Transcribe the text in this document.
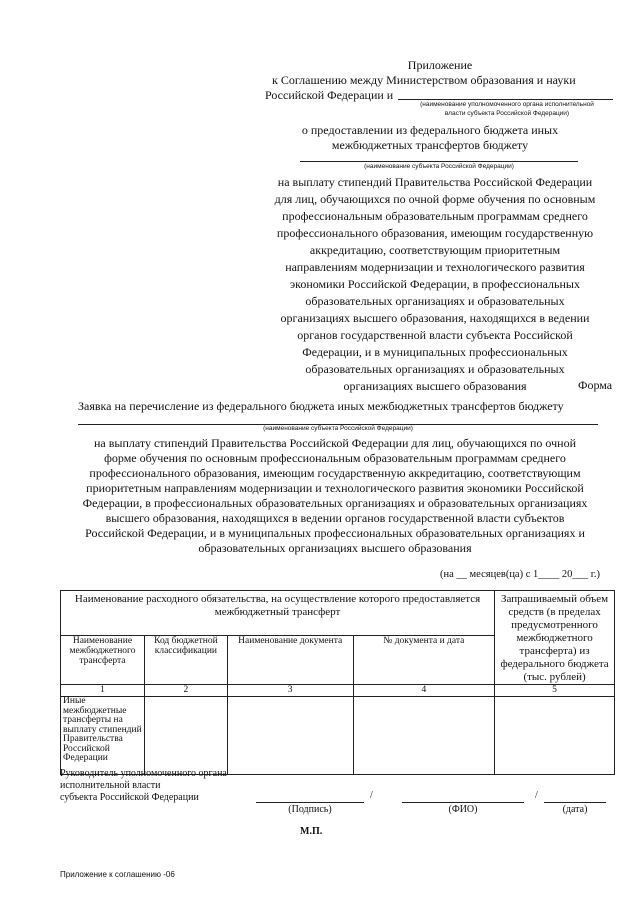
Приложение
к Соглашению между Министерством образования и науки
Российской Федерации и
(наименование уполномоченного органа исполнительной
власти субъекта Российской Федерации)
о предоставлении из федерального бюджета иных
межбюджетных трансфертов бюджету
(наименование субъекта Российской Федерации)
на выплату стипендий Правительства Российской Федерации
для лиц, обучающихся по очной форме обучения по основным
профессиональным образовательным программам среднего
профессионального образования, имеющим государственную
аккредитацию, соответствующим приоритетным
направлениям модернизации и технологического развития
экономики Российской Федерации, в профессиональных
образовательных организациях и образовательных
организациях высшего образования, находящихся в ведении
органов государственной власти субъекта Российской
Федерации, и в муниципальных профессиональных
образовательных организациях и образовательных
организациях высшего образования	Форма
Заявка на перечисление из федерального бюджета иных межбюджетных трансфертов бюджету
(наименование субъекта Российской Федерации)
на выплату стипендий Правительства Российской Федерации для лиц, обучающихся по очной
форме обучения по основным профессиональным образовательным программам среднего
профессионального образования, имеющим государственную аккредитацию, соответствующим
приоритетным направлениям модернизации и технологического развития экономики Российской
Федерации, в профессиональных образовательных организациях и образовательных организациях
высшего образования, находящихся в ведении органов государственной власти субъектов
Российской Федерации, и в муниципальных профессиональных образовательных организациях и
образовательных организациях высшего образования
(на __ месяцев(ца) с 1____ 20___ г.)
Наименование расходного обязательства, на осуществление которого предоставляется межбюджетный трансферт				Запрашиваемый объем средств (в пределах предусмотренного межбюджетного трансферта) из федерального бюджета (тыс. рублей)
Наименование межбюджетного трансферта	Код бюджетной классификации	Наименование документа	№ документа и дата	
1	2	3	4	5
Иные межбюджетные трансферты на выплату стипендий Правительства Российской Федерации				
Руководитель уполномоченного органа
исполнительной власти
субъекта Российской Федерации	/	/
(Подпись)	(ФИО)	(дата)
М.П.
Приложение к соглашению -06
